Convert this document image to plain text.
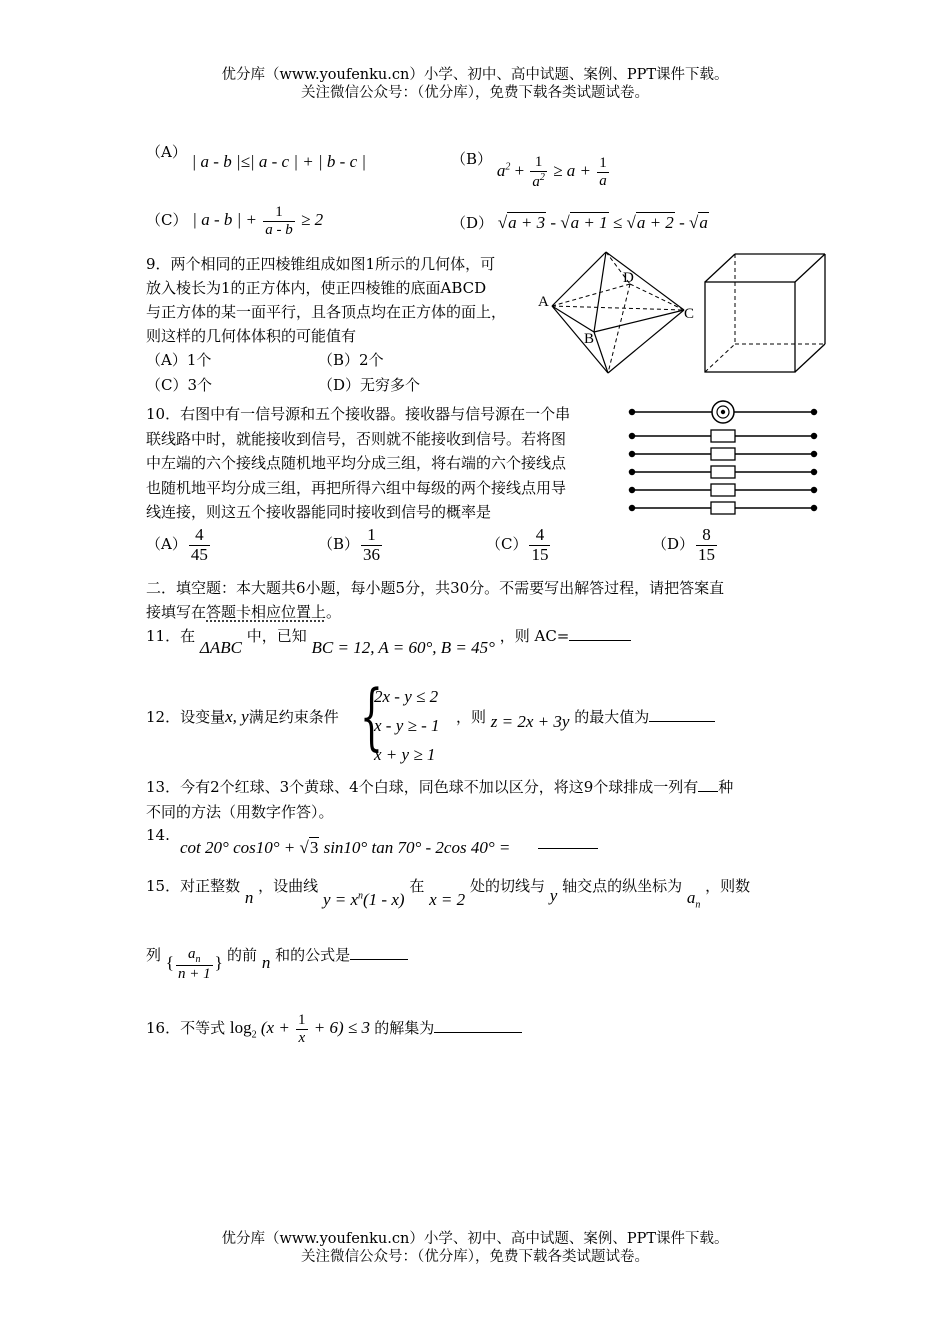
优分库（www.youfenku.cn）小学、初中、高中试题、案例、PPT课件下载。
关注微信公众号：（优分库），免费下载各类试题试卷。
（A） | a - b |≤| a - c | + | b - c |	（B） $a^2 + \frac{1}{a^2} \ge a + \frac{1}{a}$
（C） | a - b | + $\frac{1}{a - b} \ge 2$	（D） √a + 3 - √a + 1 ≤ √a + 2 - √a
9．两个相同的正四棱锥组成如图1所示的几何体，可
放入棱长为1的正方体内，使正四棱锥的底面ABCD
与正方体的某一面平行，且各顶点均在正方体的面上，
则这样的几何体体积的可能值有
（A）1个	（B）2个
（C）3个	（D）无穷多个
A
B
C
D
10．右图中有一信号源和五个接收器。接收器与信号源在一个串
联线路中时，就能接收到信号，否则就不能接收到信号。若将图
中左端的六个接线点随机地平均分成三组，将右端的六个接线点
也随机地平均分成三组，再把所得六组中每级的两个接线点用导
线连接，则这五个接收器能同时接收到信号的概率是
$(A) \frac{4}{45}$	$(B) \frac{1}{36}$	$(C) \frac{4}{15}$	$(D) \frac{8}{15}$
二．填空题：本大题共6小题，每小题5分，共30分。不需要写出解答过程，请把答案直
接填写在答题卡相应位置上。
11．在 ΔABC 中，已知 BC = 12, A = 60°, B = 45° ，则 AC=
12．设变量x, y满足约束条件 {
2x - y ≤ 2
x - y ≥ - 1
x + y ≥ 1
，则 z = 2x + 3y 的最大值为
13．今有2个红球、3个黄球、4个白球，同色球不加以区分，将这9个球排成一列有 种
不同的方法（用数字作答）。
14.
cot 20° cos10° + √3 sin10° tan 70° - 2cos 40° =
15．对正整数 n ，设曲线 $y = x^n(1 - x)$ 在 x = 2 处的切线与 y 轴交点的纵坐标为 $a_n$ ，则数
列 { $\frac{a_n}{n + 1}$ } 的前 n 和的公式是
16．不等式 $\log_2 (x + \frac{1}{x} + 6) \le 3$ 的解集为
优分库（www.youfenku.cn）小学、初中、高中试题、案例、PPT课件下载。
关注微信公众号：（优分库），免费下载各类试题试卷。
